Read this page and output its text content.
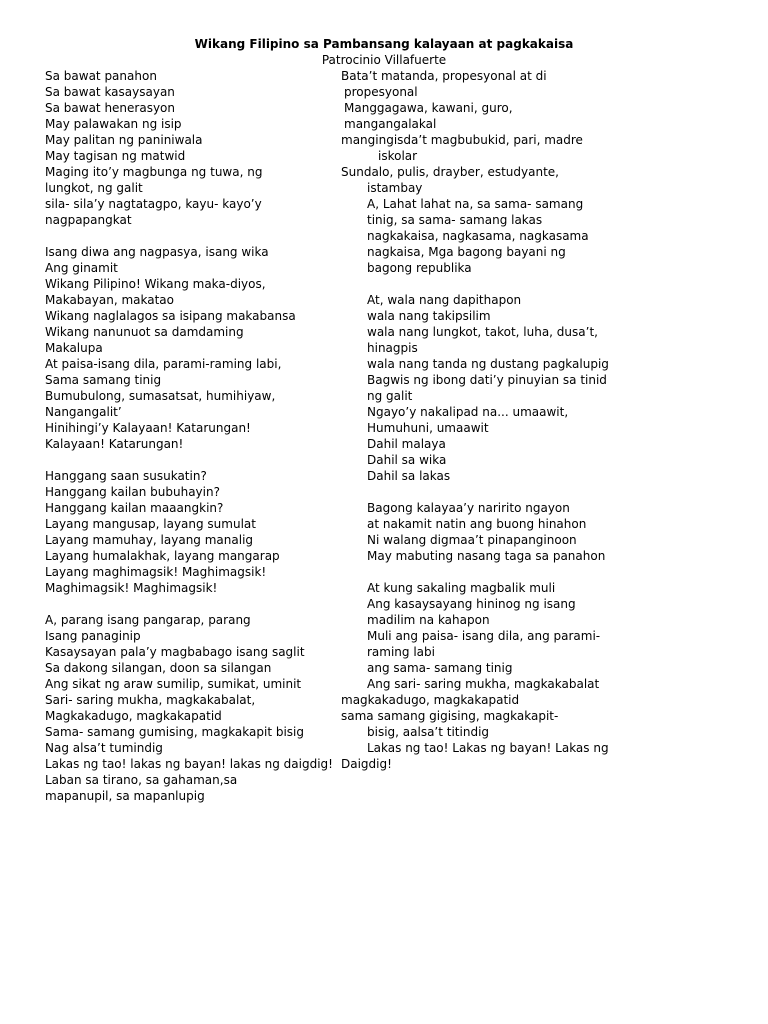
Wikang Filipino sa Pambansang kalayaan at pagkakaisa
Patrocinio Villafuerte
Sa bawat panahon
Sa bawat kasaysayan
Sa bawat henerasyon
May palawakan ng isip
May palitan ng paniniwala
May tagisan ng matwid
Maging ito’y magbunga ng tuwa, ng
lungkot, ng galit
sila- sila’y nagtatagpo, kayu- kayo’y
nagpapangkat
Isang diwa ang nagpasya, isang wika
Ang ginamit
Wikang Pilipino! Wikang maka-diyos,
Makabayan, makatao
Wikang naglalagos sa isipang makabansa
Wikang nanunuot sa damdaming
Makalupa
At paisa-isang dila, parami-raming labi,
Sama samang tinig
Bumubulong, sumasatsat, humihiyaw,
Nangangalit’
Hinihingi’y Kalayaan! Katarungan!
Kalayaan! Katarungan!
Hanggang saan susukatin?
Hanggang kailan bubuhayin?
Hanggang kailan maaangkin?
Layang mangusap, layang sumulat
Layang mamuhay, layang manalig
Layang humalakhak, layang mangarap
Layang maghimagsik! Maghimagsik!
Maghimagsik! Maghimagsik!
A, parang isang pangarap, parang
Isang panaginip
Kasaysayan pala’y magbabago isang saglit
Sa dakong silangan, doon sa silangan
Ang sikat ng araw sumilip, sumikat, uminit
Sari- saring mukha, magkakabalat,
Magkakadugo, magkakapatid
Sama- samang gumising, magkakapit bisig
Nag alsa’t tumindig
Lakas ng tao! lakas ng bayan! lakas ng daigdig!
Laban sa tirano, sa gahaman,sa
mapanupil, sa mapanlupig
Bata’t matanda, propesyonal at di
propesyonal
Manggagawa, kawani, guro,
mangangalakal
mangingisda’t magbubukid, pari, madre
iskolar
Sundalo, pulis, drayber, estudyante,
istambay
A, Lahat lahat na, sa sama- samang
tinig, sa sama- samang lakas
nagkakaisa, nagkasama, nagkasama
nagkaisa, Mga bagong bayani ng
bagong republika
At, wala nang dapithapon
wala nang takipsilim
wala nang lungkot, takot, luha, dusa’t,
hinagpis
wala nang tanda ng dustang pagkalupig
Bagwis ng ibong dati’y pinuyian sa tinid
ng galit
Ngayo’y nakalipad na... umaawit,
Humuhuni, umaawit
Dahil malaya
Dahil sa wika
Dahil sa lakas
Bagong kalayaa’y naririto ngayon
at nakamit natin ang buong hinahon
Ni walang digmaa’t pinapanginoon
May mabuting nasang taga sa panahon
At kung sakaling magbalik muli
Ang kasaysayang hininog ng isang
madilim na kahapon
Muli ang paisa- isang dila, ang parami-
raming labi
ang sama- samang tinig
Ang sari- saring mukha, magkakabalat
magkakadugo, magkakapatid
sama samang gigising, magkakapit-
bisig, aalsa’t titindig
Lakas ng tao! Lakas ng bayan! Lakas ng
Daigdig!
